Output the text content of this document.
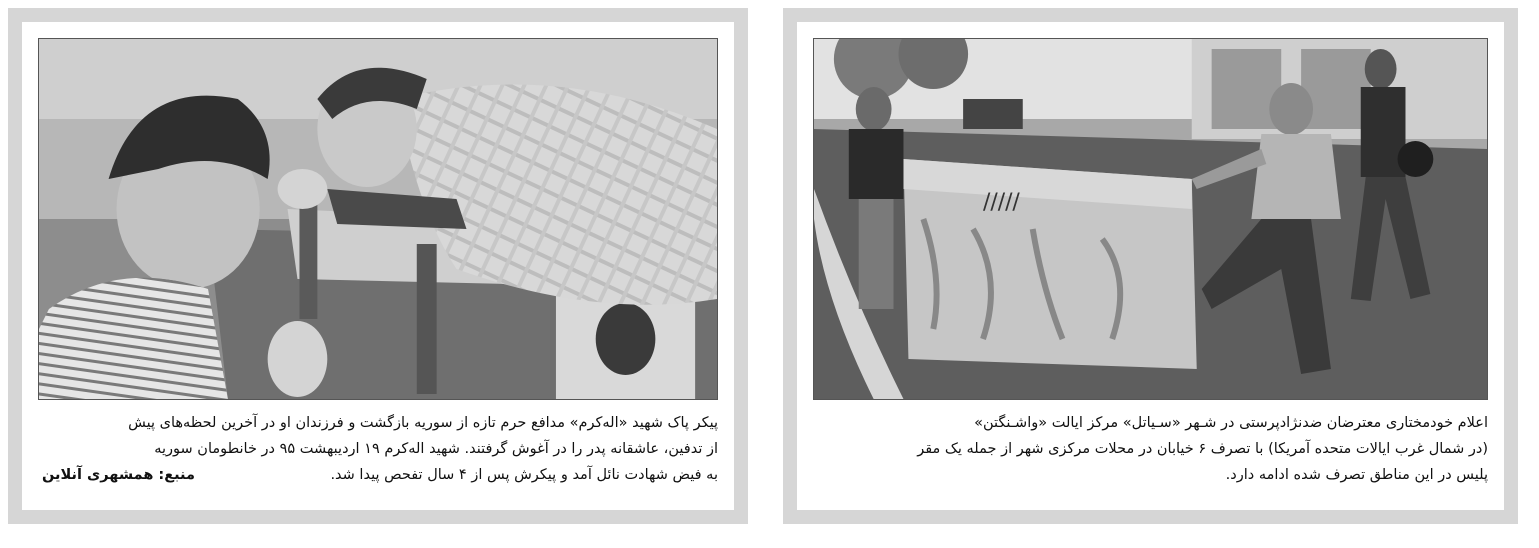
پیکر پاک شهید «اله‌کرم» مدافع حرم تازه از سوریه بازگشت و فرزندان او در آخرین لحظه‌های پیش

از تدفین، عاشقانه پدر را در آغوش گرفتند. شهید اله‌کرم ۱۹ اردیبهشت ۹۵ در خانطومان سوریه

به فیض شهادت نائل آمد و پیکرش پس از ۴ سال تفحص پیدا شد.
منبع: همشهری آنلاین

/////

اعلام خودمختاری معترضان ضدنژادپرستی در شـهر «سـیاتل» مرکز ایالت «واشـنگتن»

(در شمال غرب ایالات متحده آمریکا) با تصرف ۶ خیابان در محلات مرکزی شهر از جمله یک مقر

پلیس در این مناطق تصرف شده ادامه دارد.
